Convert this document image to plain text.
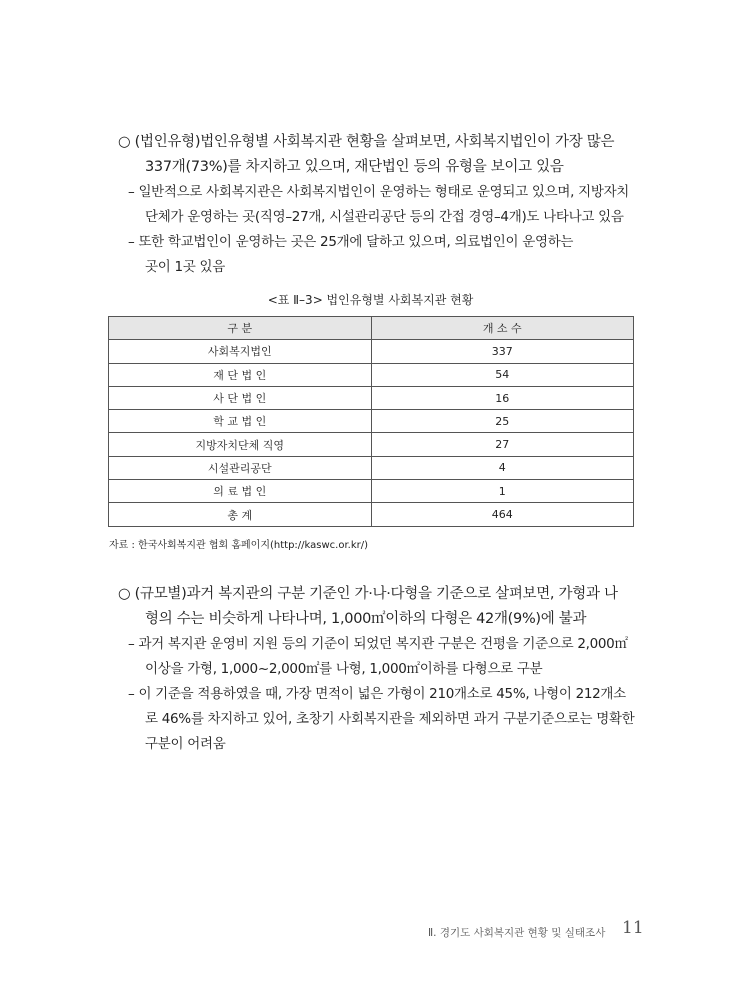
○ (법인유형)법인유형별 사회복지관 현황을 살펴보면, 사회복지법인이 가장 많은
337개(73%)를 차지하고 있으며, 재단법인 등의 유형을 보이고 있음
– 일반적으로 사회복지관은 사회복지법인이 운영하는 형태로 운영되고 있으며, 지방자치
단체가 운영하는 곳(직영–27개, 시설관리공단 등의 간접 경영–4개)도 나타나고 있음
– 또한 학교법인이 운영하는 곳은 25개에 달하고 있으며, 의료법인이 운영하는
곳이 1곳 있음
<표 Ⅱ–3> 법인유형별 사회복지관 현황
구 분	개 소 수
사회복지법인	337
재 단 법 인	54
사 단 법 인	16
학 교 법 인	25
지방자치단체 직영	27
시설관리공단	4
의 료 법 인	1
총 계	464
자료 : 한국사회복지관 협회 홈페이지(http://kaswc.or.kr/)
○ (규모별)과거 복지관의 구분 기준인 가·나·다형을 기준으로 살펴보면, 가형과 나
형의 수는 비슷하게 나타나며, 1,000㎡이하의 다형은 42개(9%)에 불과
– 과거 복지관 운영비 지원 등의 기준이 되었던 복지관 구분은 건평을 기준으로 2,000㎡
이상을 가형, 1,000~2,000㎡를 나형, 1,000㎡이하를 다형으로 구분
– 이 기준을 적용하였을 때, 가장 면적이 넓은 가형이 210개소로 45%, 나형이 212개소
로 46%를 차지하고 있어, 초창기 사회복지관을 제외하면 과거 구분기준으로는 명확한
구분이 어려움
Ⅱ. 경기도 사회복지관 현황 및 실태조사 11
